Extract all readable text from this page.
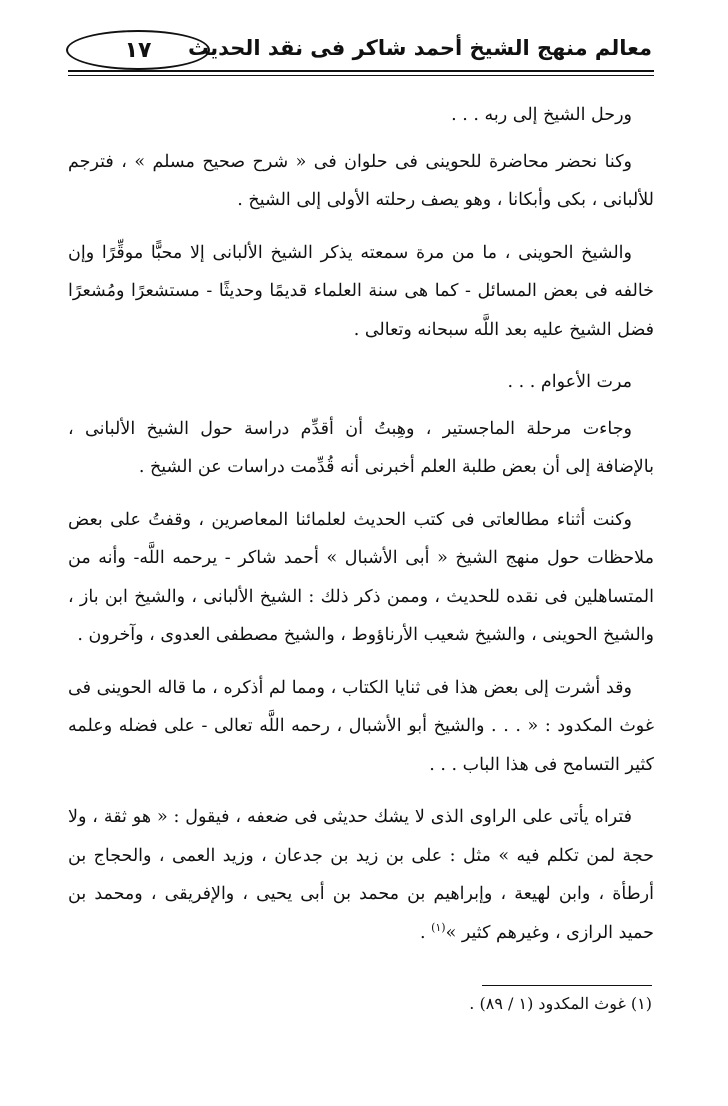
١٧ معالم منهج الشيخ أحمد شاكر فى نقد الحديث

ورحل الشيخ إلى ربه . . .

وكنا نحضر محاضرة للحوينى فى حلوان فى « شرح صحيح مسلم » ، فترجم للألبانى ، بكى وأبكانا ، وهو يصف رحلته الأولى إلى الشيخ .

والشيخ الحوينى ، ما من مرة سمعته يذكر الشيخ الألبانى إلا محبًّا موقِّرًا وإن خالفه فى بعض المسائل - كما هى سنة العلماء قديمًا وحديثًا - مستشعرًا ومُشعرًا فضل الشيخ عليه بعد اللَّه سبحانه وتعالى .

مرت الأعوام . . .

وجاءت مرحلة الماجستير ، وهِبتُ أن أقدِّم دراسة حول الشيخ الألبانى ، بالإضافة إلى أن بعض طلبة العلم أخبرنى أنه قُدِّمت دراسات عن الشيخ .

وكنت أثناء مطالعاتى فى كتب الحديث لعلمائنا المعاصرين ، وقفتُ على بعض ملاحظات حول منهج الشيخ « أبى الأشبال » أحمد شاكر - يرحمه اللَّه- وأنه من المتساهلين فى نقده للحديث ، وممن ذكر ذلك : الشيخ الألبانى ، والشيخ ابن باز ، والشيخ الحوينى ، والشيخ شعيب الأرناؤوط ، والشيخ مصطفى العدوى ، وآخرون .

وقد أشرت إلى بعض هذا فى ثنايا الكتاب ، ومما لم أذكره ، ما قاله الحوينى فى غوث المكدود : « . . . والشيخ أبو الأشبال ، رحمه اللَّه تعالى - على فضله وعلمه كثير التسامح فى هذا الباب . . .

فتراه يأتى على الراوى الذى لا يشك حديثى فى ضعفه ، فيقول : « هو ثقة ، ولا حجة لمن تكلم فيه » مثل : على بن زيد بن جدعان ، وزيد العمى ، والحجاج بن أرطأة ، وابن لهيعة ، وإبراهيم بن محمد بن أبى يحيى ، والإفريقى ، ومحمد بن حميد الرازى ، وغيرهم كثير »$^{(١)}$ .

(١) غوث المكدود (١ / ٨٩) .
